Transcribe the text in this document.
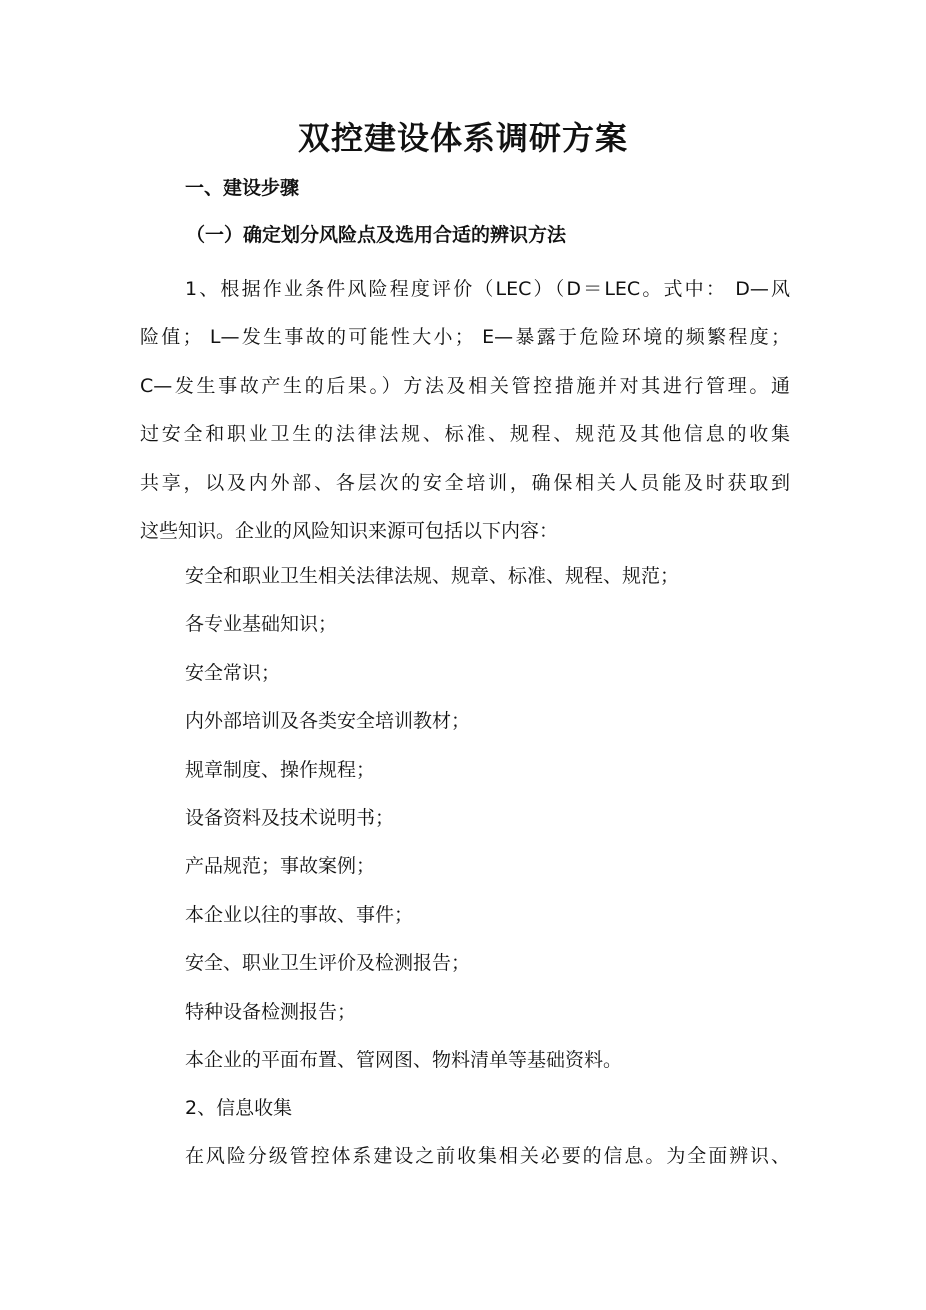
双控建设体系调研方案
一、建设步骤
（一）确定划分风险点及选用合适的辨识方法
1、根据作业条件风险程度评价（LEC）（D＝LEC。式中： D—风
险值； L—发生事故的可能性大小； E—暴露于危险环境的频繁程度；
C—发生事故产生的后果。）方法及相关管控措施并对其进行管理。通
过安全和职业卫生的法律法规、标准、规程、规范及其他信息的收集
共享，以及内外部、各层次的安全培训，确保相关人员能及时获取到
这些知识。企业的风险知识来源可包括以下内容：
安全和职业卫生相关法律法规、规章、标准、规程、规范；
各专业基础知识；
安全常识；
内外部培训及各类安全培训教材；
规章制度、操作规程；
设备资料及技术说明书；
产品规范；事故案例；
本企业以往的事故、事件；
安全、职业卫生评价及检测报告；
特种设备检测报告；
本企业的平面布置、管网图、物料清单等基础资料。
2、信息收集
在风险分级管控体系建设之前收集相关必要的信息。为全面辨识、
